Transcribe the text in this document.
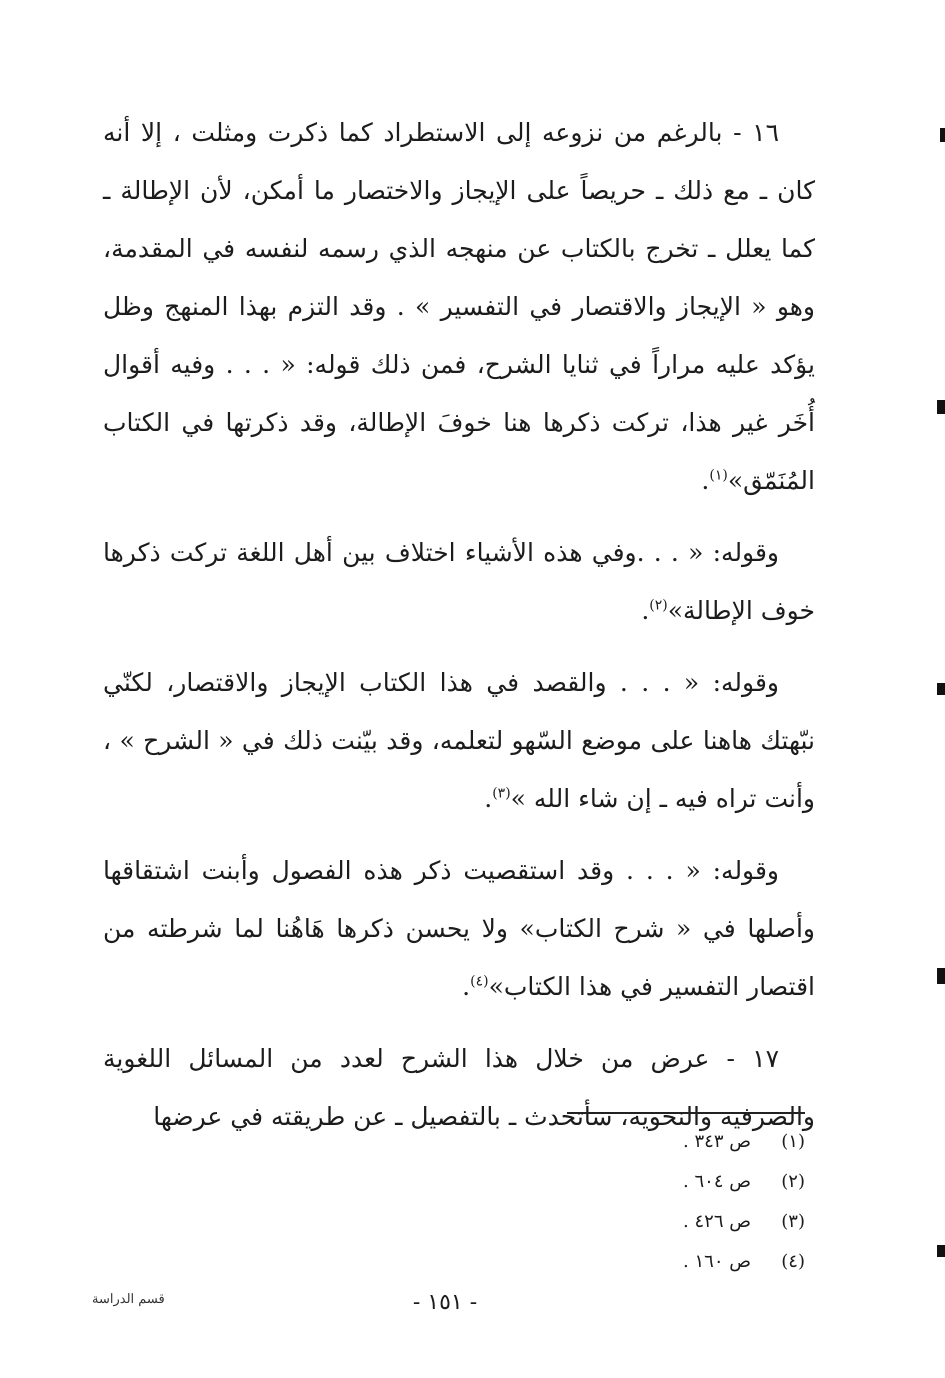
١٦ - بالرغم من نزوعه إلى الاستطراد كما ذكرت ومثلت ، إلا أنه كان ـ مع ذلك ـ حريصاً على الإيجاز والاختصار ما أمكن، لأن الإطالة ـ كما يعلل ـ تخرج بالكتاب عن منهجه الذي رسمه لنفسه في المقدمة، وهو « الإيجاز والاقتصار في التفسير » . وقد التزم بهذا المنهج وظل يؤكد عليه مراراً في ثنايا الشرح، فمن ذلك قوله: « . . . وفيه أقوال أُخَر غير هذا، تركت ذكرها هنا خوفَ الإطالة، وقد ذكرتها في الكتاب المُنَمّق»$^{(١)}$.

وقوله: « . . .وفي هذه الأشياء اختلاف بين أهل اللغة تركت ذكرها خوف الإطالة»$^{(٢)}$.

وقوله: « . . . والقصد في هذا الكتاب الإيجاز والاقتصار، لكنّي نبّهتك هاهنا على موضع السّهو لتعلمه، وقد بيّنت ذلك في « الشرح » ، وأنت تراه فيه ـ إن شاء الله »$^{(٣)}$.

وقوله: « . . . وقد استقصيت ذكر هذه الفصول وأبنت اشتقاقها وأصلها في « شرح الكتاب» ولا يحسن ذكرها هَاهُنا لما شرطته من اقتصار التفسير في هذا الكتاب»$^{(٤)}$.

١٧ - عرض من خلال هذا الشرح لعدد من المسائل اللغوية والصرفية والنحوية، سأتحدث ـ بالتفصيل ـ عن طريقته في عرضها

(١)ص ٣٤٣ .
(٢)ص ٦٠٤ .
(٣)ص ٤٢٦ .
(٤)ص ١٦٠ .
- ١٥١ -
قسم الدراسة
